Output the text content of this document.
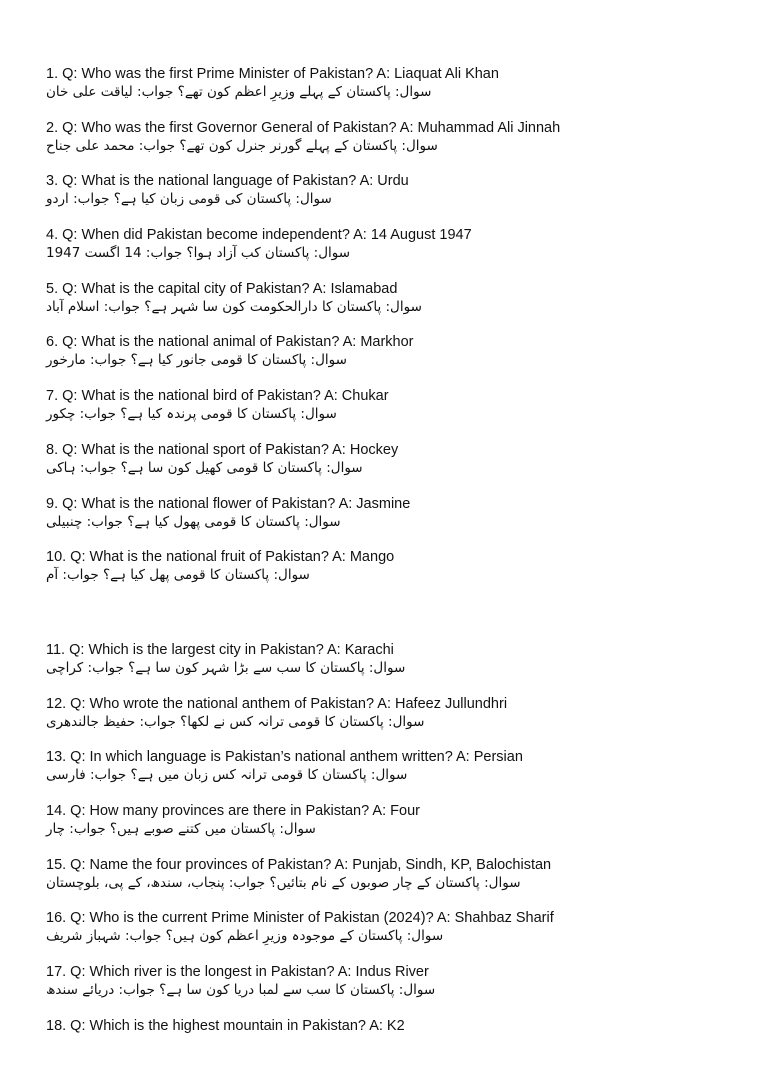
1. Q: Who was the first Prime Minister of Pakistan? A: Liaquat Ali Khan
سوال: پاکستان کے پہلے وزیرِ اعظم کون تھے؟ جواب: لیاقت علی خان
2. Q: Who was the first Governor General of Pakistan? A: Muhammad Ali Jinnah
سوال: پاکستان کے پہلے گورنر جنرل کون تھے؟ جواب: محمد علی جناح
3. Q: What is the national language of Pakistan? A: Urdu
سوال: پاکستان کی قومی زبان کیا ہے؟ جواب: اردو
4. Q: When did Pakistan become independent? A: 14 August 1947
سوال: پاکستان کب آزاد ہوا؟ جواب: 14 اگست 1947
5. Q: What is the capital city of Pakistan? A: Islamabad
سوال: پاکستان کا دارالحکومت کون سا شہر ہے؟ جواب: اسلام آباد
6. Q: What is the national animal of Pakistan? A: Markhor
سوال: پاکستان کا قومی جانور کیا ہے؟ جواب: مارخور
7. Q: What is the national bird of Pakistan? A: Chukar
سوال: پاکستان کا قومی پرندہ کیا ہے؟ جواب: چکور
8. Q: What is the national sport of Pakistan? A: Hockey
سوال: پاکستان کا قومی کھیل کون سا ہے؟ جواب: ہاکی
9. Q: What is the national flower of Pakistan? A: Jasmine
سوال: پاکستان کا قومی پھول کیا ہے؟ جواب: چنبیلی
10. Q: What is the national fruit of Pakistan? A: Mango
سوال: پاکستان کا قومی پھل کیا ہے؟ جواب: آم
11. Q: Which is the largest city in Pakistan? A: Karachi
سوال: پاکستان کا سب سے بڑا شہر کون سا ہے؟ جواب: کراچی
12. Q: Who wrote the national anthem of Pakistan? A: Hafeez Jullundhri
سوال: پاکستان کا قومی ترانہ کس نے لکھا؟ جواب: حفیظ جالندھری
13. Q: In which language is Pakistan’s national anthem written? A: Persian
سوال: پاکستان کا قومی ترانہ کس زبان میں ہے؟ جواب: فارسی
14. Q: How many provinces are there in Pakistan? A: Four
سوال: پاکستان میں کتنے صوبے ہیں؟ جواب: چار
15. Q: Name the four provinces of Pakistan? A: Punjab, Sindh, KP, Balochistan
سوال: پاکستان کے چار صوبوں کے نام بتائیں؟ جواب: پنجاب، سندھ، کے پی، بلوچستان
16. Q: Who is the current Prime Minister of Pakistan (2024)? A: Shahbaz Sharif
سوال: پاکستان کے موجودہ وزیرِ اعظم کون ہیں؟ جواب: شہباز شریف
17. Q: Which river is the longest in Pakistan? A: Indus River
سوال: پاکستان کا سب سے لمبا دریا کون سا ہے؟ جواب: دریائے سندھ
18. Q: Which is the highest mountain in Pakistan? A: K2
